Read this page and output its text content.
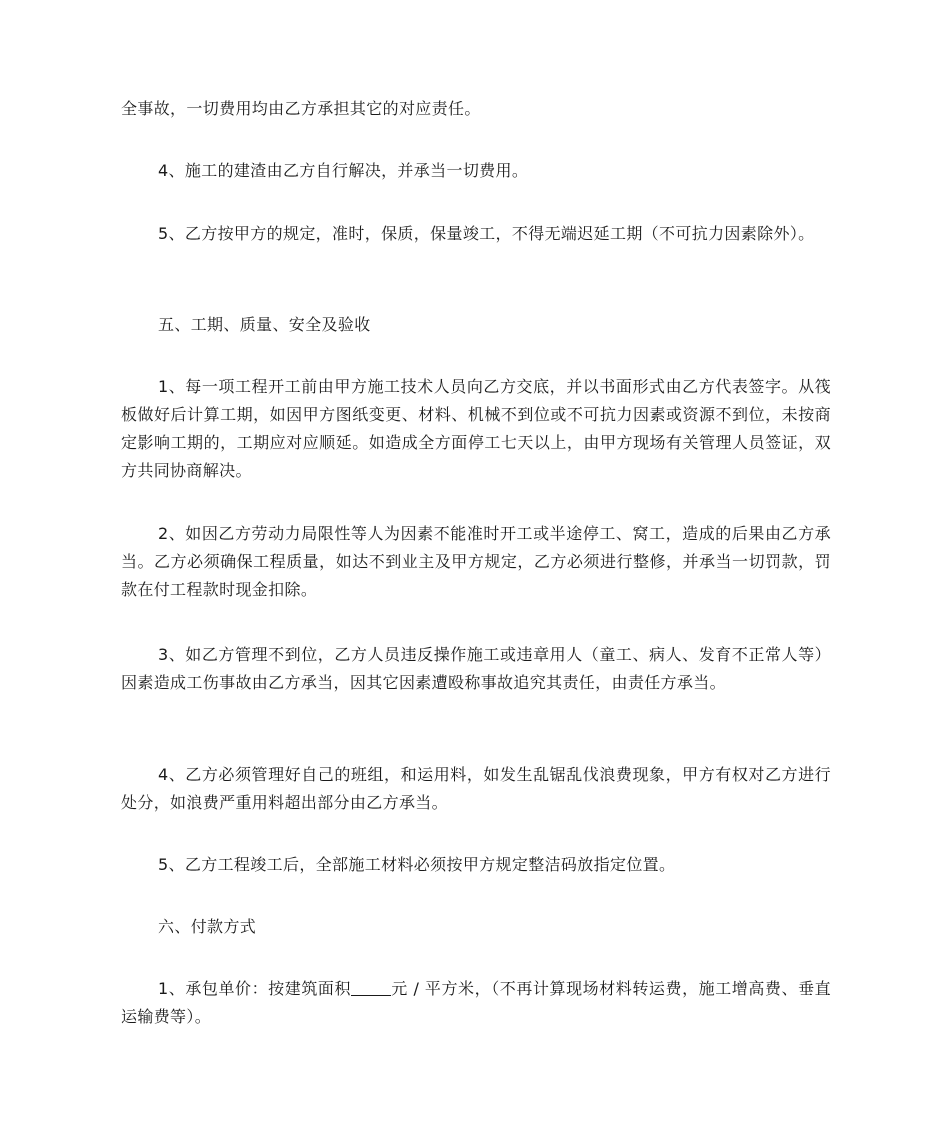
全事故，一切费用均由乙方承担其它的对应责任。

4、施工的建渣由乙方自行解决，并承当一切费用。

5、乙方按甲方的规定，准时，保质，保量竣工，不得无端迟延工期（不可抗力因素除外）。

五、工期、质量、安全及验收

1、每一项工程开工前由甲方施工技术人员向乙方交底，并以书面形式由乙方代表签字。从筏板做好后计算工期，如因甲方图纸变更、材料、机械不到位或不可抗力因素或资源不到位，未按商定影响工期的，工期应对应顺延。如造成全方面停工七天以上，由甲方现场有关管理人员签证，双方共同协商解决。

2、如因乙方劳动力局限性等人为因素不能准时开工或半途停工、窝工，造成的后果由乙方承当。乙方必须确保工程质量，如达不到业主及甲方规定，乙方必须进行整修，并承当一切罚款，罚款在付工程款时现金扣除。

3、如乙方管理不到位，乙方人员违反操作施工或违章用人（童工、病人、发育不正常人等）因素造成工伤事故由乙方承当，因其它因素遭殴称事故追究其责任，由责任方承当。

4、乙方必须管理好自己的班组，和运用料，如发生乱锯乱伐浪费现象，甲方有权对乙方进行处分，如浪费严重用料超出部分由乙方承当。

5、乙方工程竣工后，全部施工材料必须按甲方规定整洁码放指定位置。

六、付款方式

1、承包单价：按建筑面积	元 / 平方米，（不再计算现场材料转运费，施工增高费、垂直运输费等）。
